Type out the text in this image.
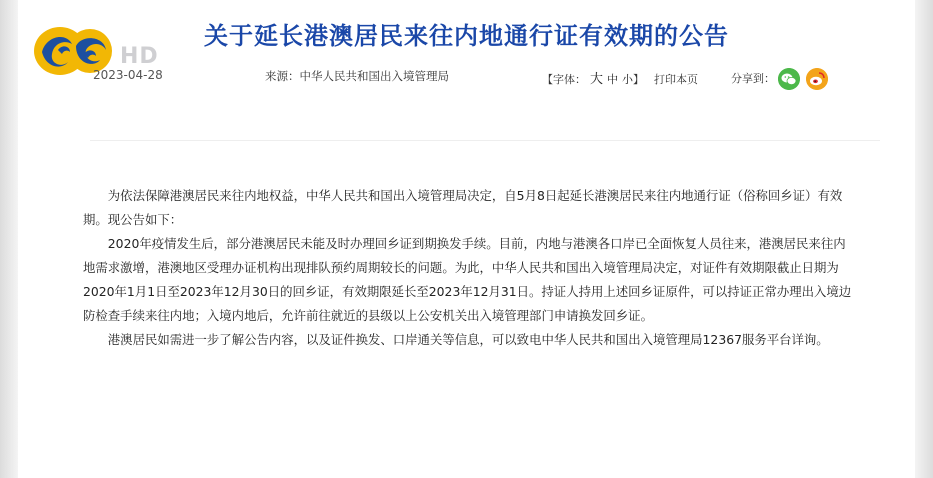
HD
关于延长港澳居民来往内地通行证有效期的公告
2023-04-28	来源：中华人民共和国出入境管理局	【字体： 大 中 小】 打印本页	分享到：

为依法保障港澳居民来往内地权益，中华人民共和国出入境管理局决定，自5月8日起延长港澳居民来往内地通行证（俗称回乡证）有效期。现公告如下：

2020年疫情发生后，部分港澳居民未能及时办理回乡证到期换发手续。目前，内地与港澳各口岸已全面恢复人员往来，港澳居民来往内地需求激增，港澳地区受理办证机构出现排队预约周期较长的问题。为此，中华人民共和国出入境管理局决定，对证件有效期限截止日期为2020年1月1日至2023年12月30日的回乡证，有效期限延长至2023年12月31日。持证人持用上述回乡证原件，可以持证正常办理出入境边防检查手续来往内地；入境内地后，允许前往就近的县级以上公安机关出入境管理部门申请换发回乡证。

港澳居民如需进一步了解公告内容，以及证件换发、口岸通关等信息，可以致电中华人民共和国出入境管理局12367服务平台详询。
